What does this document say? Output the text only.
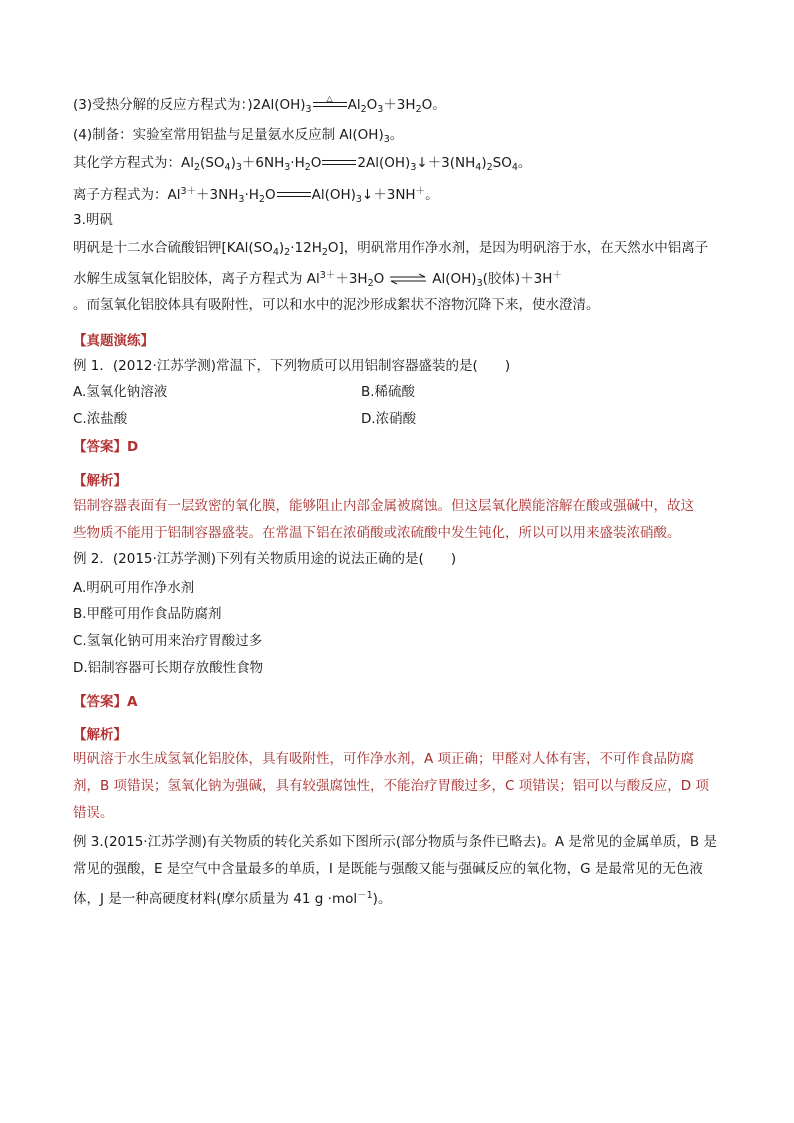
(3)受热分解的反应方程式为：)$2Al(OH)_3$
△	$Al_2O_3+3H_2O$。
(4)制备：实验室常用铝盐与足量氨水反应制 $Al(OH)_3$。
其化学方程式为：$Al_2(SO_4)_3+6NH_3\cdot H_2O$	$2Al(OH)_3↓+3(NH_4)_2SO_4$。
离子方程式为：$Al^{3+}+3NH_3\cdot H_2O$	$Al(OH)_3↓+3NH^+$。
3.明矾
明矾是十二水合硫酸铝钾$[KAl(SO_4)_2\cdot 12H_2O]$，明矾常用作净水剂，是因为明矾溶于水，在天然水中铝离子
水解生成氢氧化铝胶体，离子方程式为 $Al^{3+}+3H_2O$ ⇌ $Al(OH)_3$(胶体)＋3H＋
。而氢氧化铝胶体具有吸附性，可以和水中的泥沙形成絮状不溶物沉降下来，使水澄清。
【真题演练】
例 1．(2012·江苏学测)常温下，下列物质可以用铝制容器盛装的是(　　)
A.氢氧化钠溶液	B.稀硫酸
C.浓盐酸	D.浓硝酸
【答案】D
【解析】
铝制容器表面有一层致密的氧化膜，能够阻止内部金属被腐蚀。但这层氧化膜能溶解在酸或强碱中，故这
些物质不能用于铝制容器盛装。在常温下铝在浓硝酸或浓硫酸中发生钝化，所以可以用来盛装浓硝酸。
例 2．(2015·江苏学测)下列有关物质用途的说法正确的是(　　)
A.明矾可用作净水剂
B.甲醛可用作食品防腐剂
C.氢氧化钠可用来治疗胃酸过多
D.铝制容器可长期存放酸性食物
【答案】A
【解析】
明矾溶于水生成氢氧化铝胶体，具有吸附性，可作净水剂，A 项正确；甲醛对人体有害，不可作食品防腐
剂，B 项错误；氢氧化钠为强碱，具有较强腐蚀性，不能治疗胃酸过多，C 项错误；铝可以与酸反应，D 项
错误。
例 3.(2015·江苏学测)有关物质的转化关系如下图所示(部分物质与条件已略去)。A 是常见的金属单质，B 是
常见的强酸，E 是空气中含量最多的单质，I 是既能与强酸又能与强碱反应的氧化物，G 是最常见的无色液
体，J 是一种高硬度材料(摩尔质量为 41 g ·mol$^{-1}$)。
